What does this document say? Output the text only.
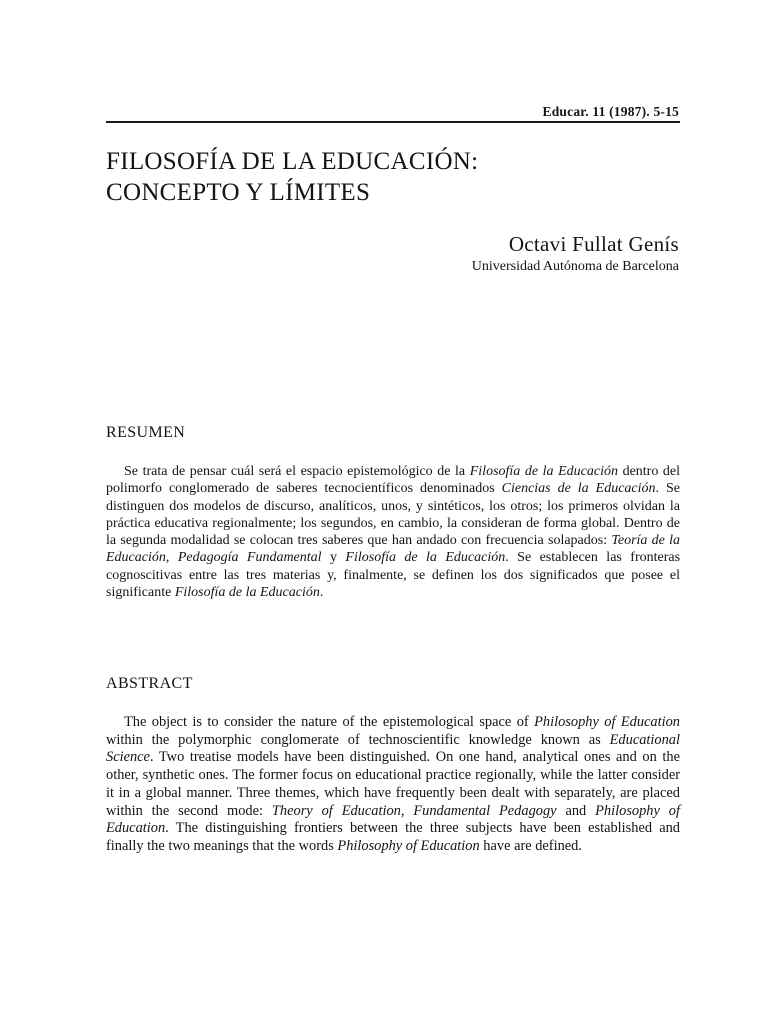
Educar. 11 (1987). 5-15
FILOSOFÍA DE LA EDUCACIÓN:
CONCEPTO Y LÍMITES
Octavi Fullat Genís
Universidad Autónoma de Barcelona
RESUMEN

Se trata de pensar cuál será el espacio epistemológico de la Filosofía de la Educación dentro del polimorfo conglomerado de saberes tecnocientíficos denominados Ciencias de la Educación. Se distinguen dos modelos de discurso, analíticos, unos, y sintéticos, los otros; los primeros olvidan la práctica educativa regionalmente; los segundos, en cambio, la consideran de forma global. Dentro de la segunda modalidad se colocan tres saberes que han andado con frecuencia solapados: Teoría de la Educación, Pedagogía Fundamental y Filosofía de la Educación. Se establecen las fronteras cognoscitivas entre las tres materias y, finalmente, se definen los dos significados que posee el significante Filosofía de la Educación.

ABSTRACT

The object is to consider the nature of the epistemological space of Philosophy of Education within the polymorphic conglomerate of technoscientific knowledge known as Educational Science. Two treatise models have been distinguished. On one hand, analytical ones and on the other, synthetic ones. The former focus on educational practice regionally, while the latter consider it in a global manner. Three themes, which have frequently been dealt with separately, are placed within the second mode: Theory of Education, Fundamental Pedagogy and Philosophy of Education. The distinguishing frontiers between the three subjects have been established and finally the two meanings that the words Philosophy of Education have are defined.
